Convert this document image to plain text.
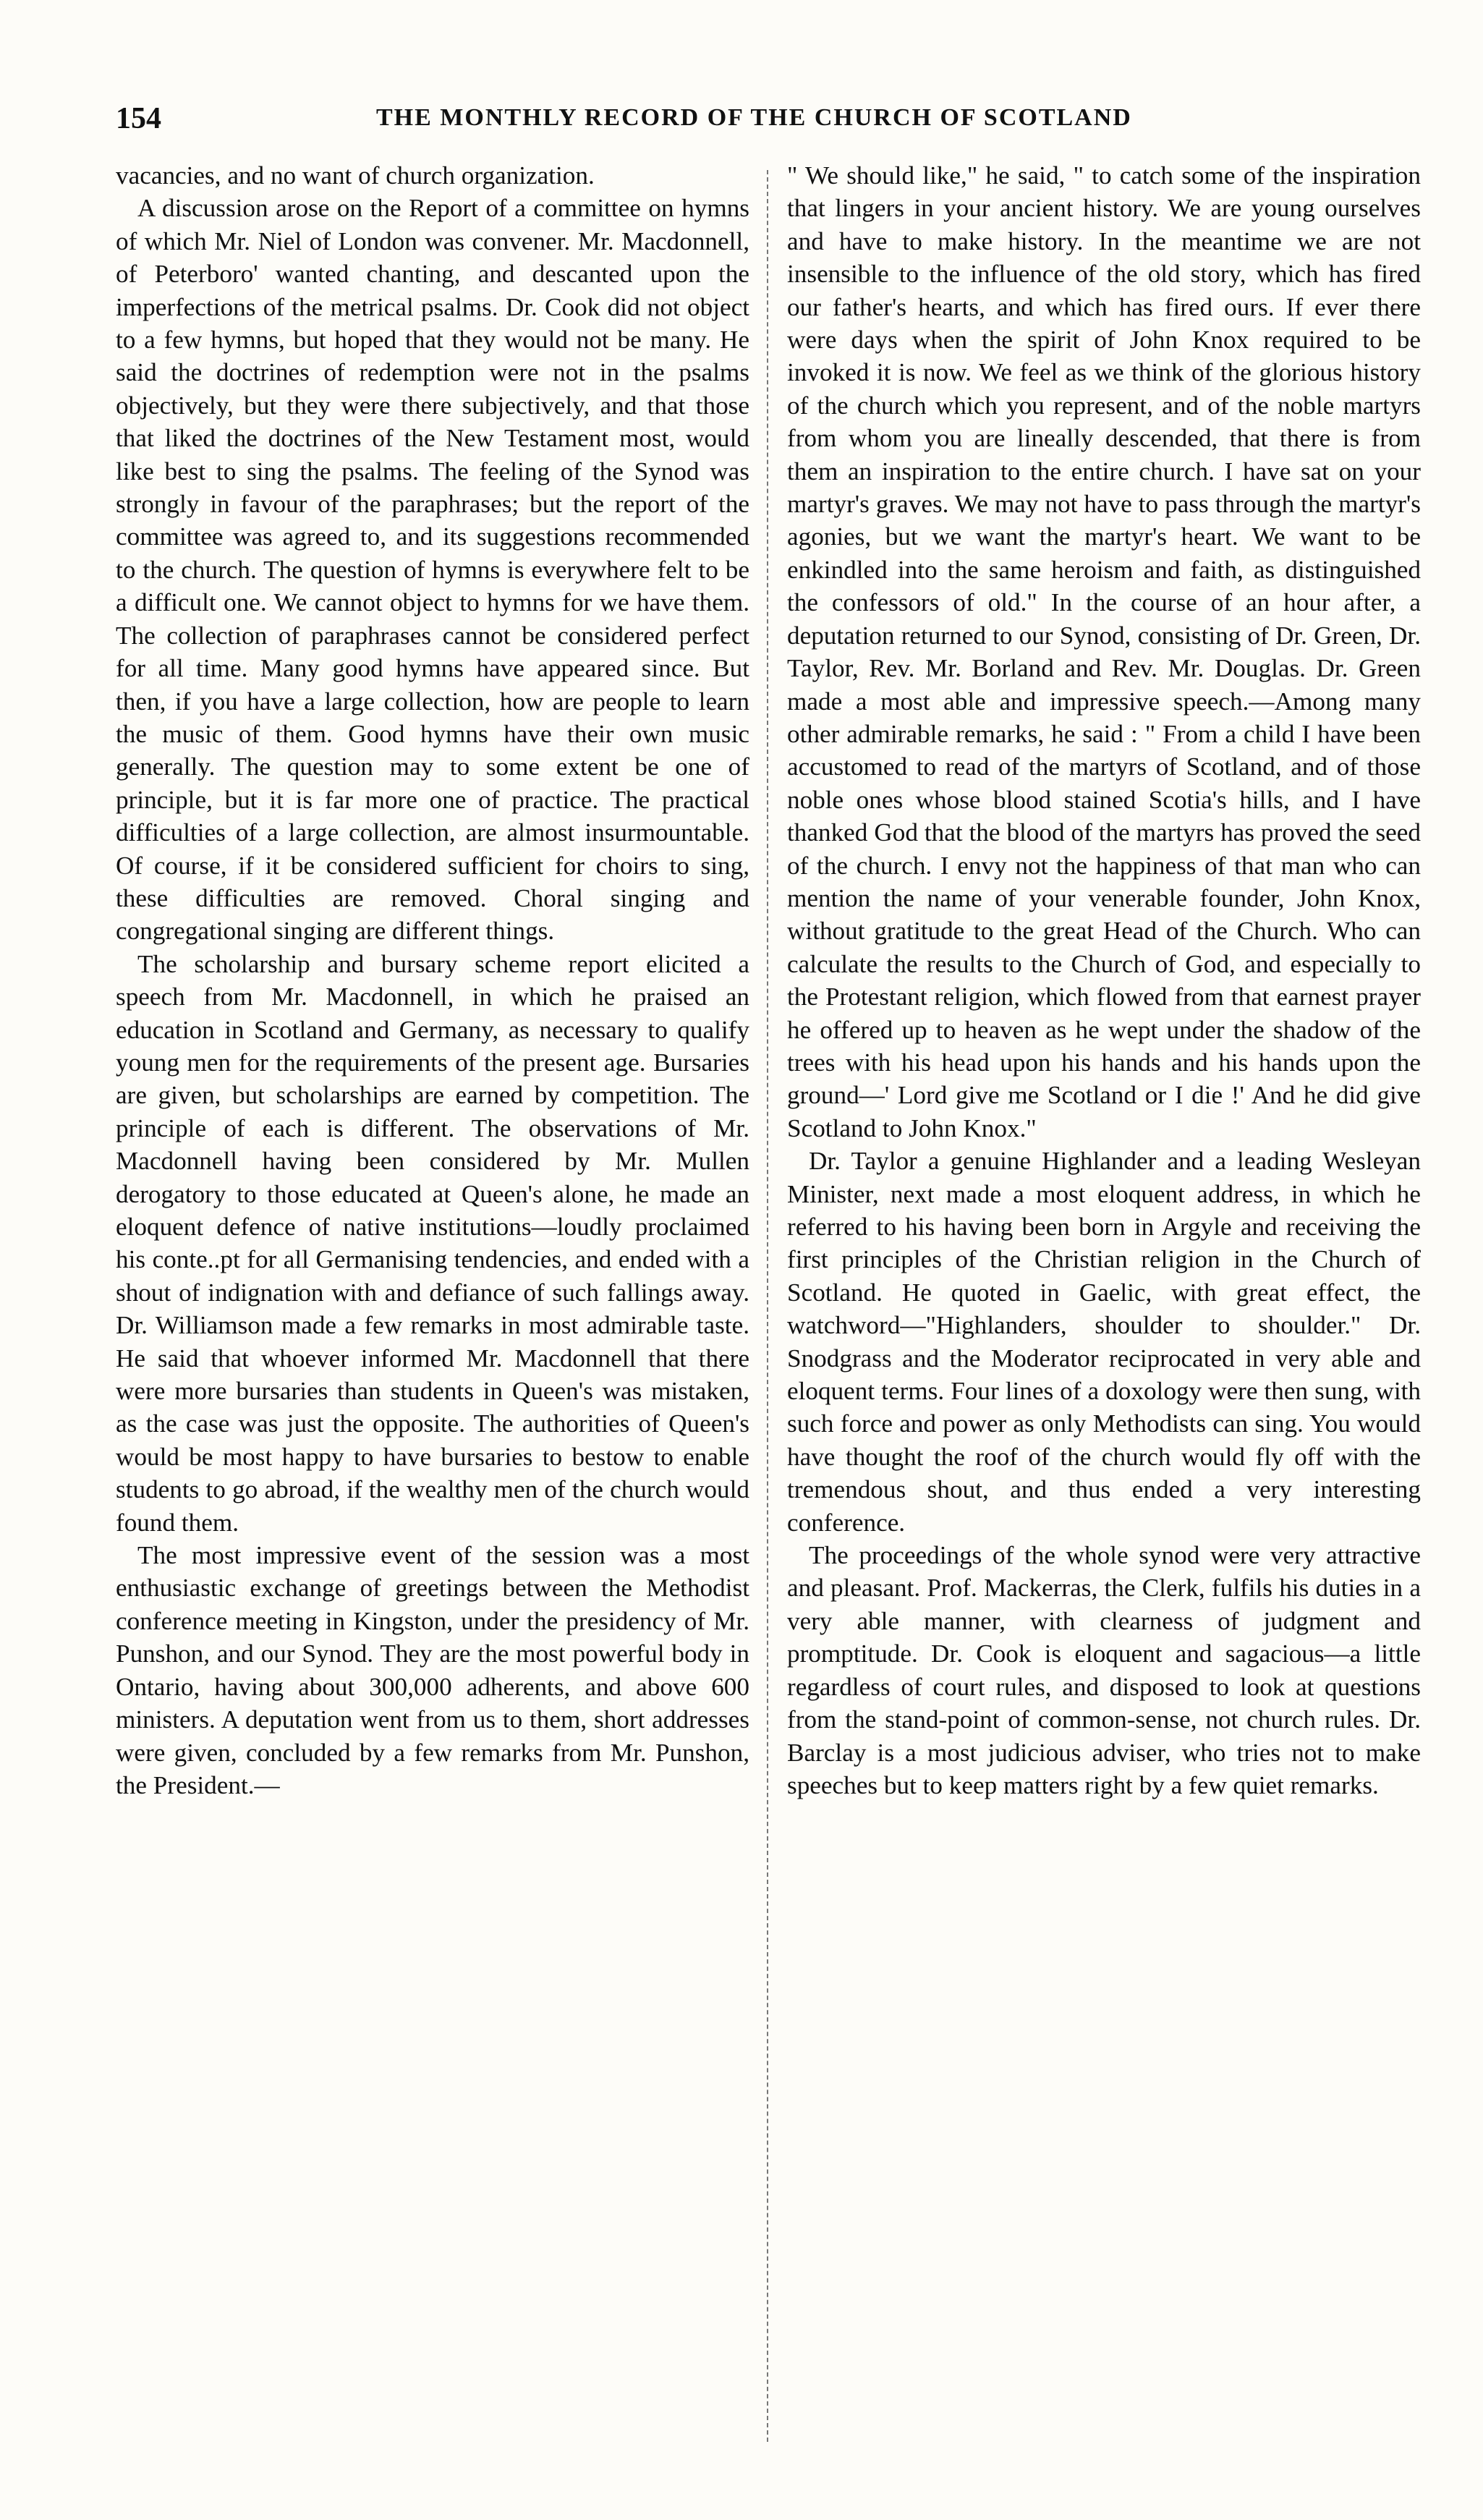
154	THE MONTHLY RECORD OF THE CHURCH OF SCOTLAND

vacancies, and no want of church organization.

A discussion arose on the Report of a committee on hymns of which Mr. Niel of London was convener. Mr. Macdonnell, of Peterboro' wanted chanting, and descanted upon the imperfections of the metrical psalms. Dr. Cook did not object to a few hymns, but hoped that they would not be many. He said the doctrines of redemption were not in the psalms objectively, but they were there subjectively, and that those that liked the doctrines of the New Testament most, would like best to sing the psalms. The feeling of the Synod was strongly in favour of the paraphrases; but the report of the committee was agreed to, and its suggestions recommended to the church. The question of hymns is everywhere felt to be a difficult one. We cannot object to hymns for we have them. The collection of paraphrases cannot be considered perfect for all time. Many good hymns have appeared since. But then, if you have a large collection, how are people to learn the music of them. Good hymns have their own music generally. The question may to some extent be one of principle, but it is far more one of practice. The practical difficulties of a large collection, are almost insurmountable. Of course, if it be considered sufficient for choirs to sing, these difficulties are removed. Choral singing and congregational singing are different things.

The scholarship and bursary scheme report elicited a speech from Mr. Macdonnell, in which he praised an education in Scotland and Germany, as necessary to qualify young men for the requirements of the present age. Bursaries are given, but scholarships are earned by competition. The principle of each is different. The observations of Mr. Macdonnell having been considered by Mr. Mullen derogatory to those educated at Queen's alone, he made an eloquent defence of native institutions—loudly proclaimed his conte..pt for all Germanising tendencies, and ended with a shout of indignation with and defiance of such fallings away. Dr. Williamson made a few remarks in most admirable taste. He said that whoever informed Mr. Macdonnell that there were more bursaries than students in Queen's was mistaken, as the case was just the opposite. The authorities of Queen's would be most happy to have bursaries to bestow to enable students to go abroad, if the wealthy men of the church would found them.

The most impressive event of the session was a most enthusiastic exchange of greetings between the Methodist conference meeting in Kingston, under the presidency of Mr. Punshon, and our Synod. They are the most powerful body in Ontario, having about 300,000 adherents, and above 600 ministers. A deputation went from us to them, short addresses were given, concluded by a few remarks from Mr. Punshon, the President.—

" We should like," he said, " to catch some of the inspiration that lingers in your ancient history. We are young ourselves and have to make history. In the meantime we are not insensible to the influence of the old story, which has fired our father's hearts, and which has fired ours. If ever there were days when the spirit of John Knox required to be invoked it is now. We feel as we think of the glorious history of the church which you represent, and of the noble martyrs from whom you are lineally descended, that there is from them an inspiration to the entire church. I have sat on your martyr's graves. We may not have to pass through the martyr's agonies, but we want the martyr's heart. We want to be enkindled into the same heroism and faith, as distinguished the confessors of old." In the course of an hour after, a deputation returned to our Synod, consisting of Dr. Green, Dr. Taylor, Rev. Mr. Borland and Rev. Mr. Douglas. Dr. Green made a most able and impressive speech.—Among many other admirable remarks, he said : " From a child I have been accustomed to read of the martyrs of Scotland, and of those noble ones whose blood stained Scotia's hills, and I have thanked God that the blood of the martyrs has proved the seed of the church. I envy not the happiness of that man who can mention the name of your venerable founder, John Knox, without gratitude to the great Head of the Church. Who can calculate the results to the Church of God, and especially to the Protestant religion, which flowed from that earnest prayer he offered up to heaven as he wept under the shadow of the trees with his head upon his hands and his hands upon the ground—' Lord give me Scotland or I die !' And he did give Scotland to John Knox."

Dr. Taylor a genuine Highlander and a leading Wesleyan Minister, next made a most eloquent address, in which he referred to his having been born in Argyle and receiving the first principles of the Christian religion in the Church of Scotland. He quoted in Gaelic, with great effect, the watchword—"Highlanders, shoulder to shoulder." Dr. Snodgrass and the Moderator reciprocated in very able and eloquent terms. Four lines of a doxology were then sung, with such force and power as only Methodists can sing. You would have thought the roof of the church would fly off with the tremendous shout, and thus ended a very interesting conference.

The proceedings of the whole synod were very attractive and pleasant. Prof. Mackerras, the Clerk, fulfils his duties in a very able manner, with clearness of judgment and promptitude. Dr. Cook is eloquent and sagacious—a little regardless of court rules, and disposed to look at questions from the stand-point of common-sense, not church rules. Dr. Barclay is a most judicious adviser, who tries not to make speeches but to keep matters right by a few quiet remarks.
